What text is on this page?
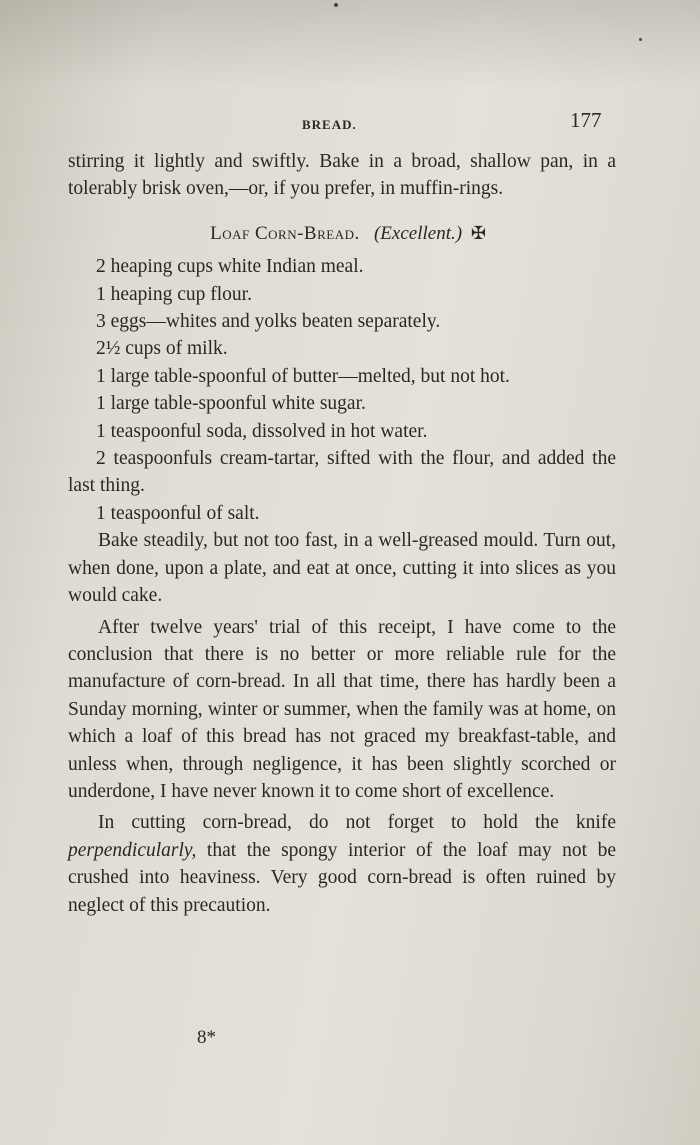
BREAD.	177

stirring it lightly and swiftly. Bake in a broad, shallow pan, in a tolerably brisk oven,—or, if you prefer, in muffin-rings.

Loaf Corn-Bread. (Excellent.) ✠

2 heaping cups white Indian meal.

1 heaping cup flour.

3 eggs—whites and yolks beaten separately.

2½ cups of milk.

1 large table-spoonful of butter—melted, but not hot.

1 large table-spoonful white sugar.

1 teaspoonful soda, dissolved in hot water.

2 teaspoonfuls cream-tartar, sifted with the flour, and added the last thing.

1 teaspoonful of salt.

Bake steadily, but not too fast, in a well-greased mould. Turn out, when done, upon a plate, and eat at once, cutting it into slices as you would cake.

After twelve years' trial of this receipt, I have come to the conclusion that there is no better or more reliable rule for the manufacture of corn-bread. In all that time, there has hardly been a Sunday morning, winter or summer, when the family was at home, on which a loaf of this bread has not graced my breakfast-table, and unless when, through negligence, it has been slightly scorched or underdone, I have never known it to come short of excellence.

In cutting corn-bread, do not forget to hold the knife perpendicularly, that the spongy interior of the loaf may not be crushed into heaviness. Very good corn-bread is often ruined by neglect of this precaution.

8*
